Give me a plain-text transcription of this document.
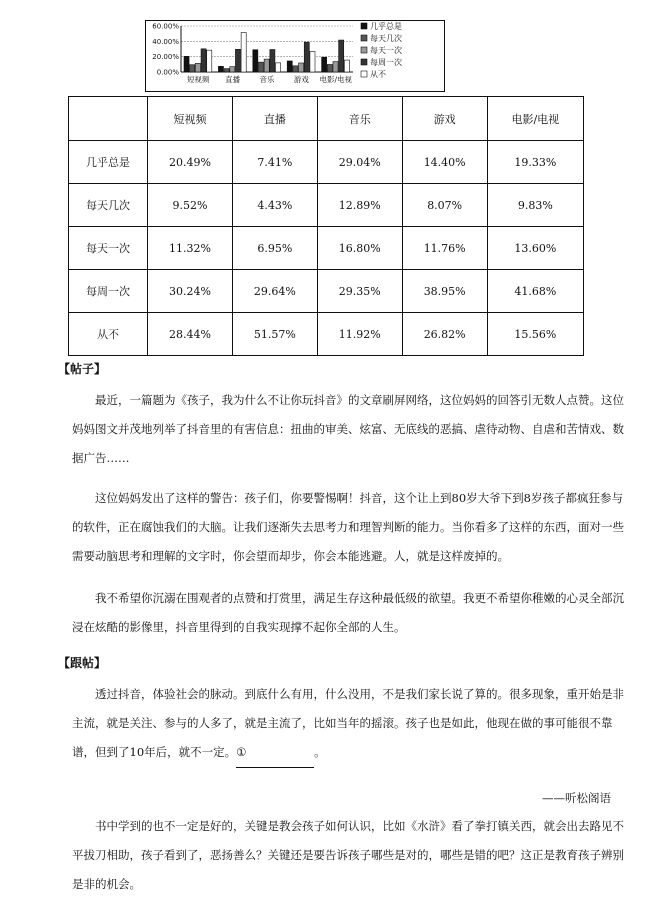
0.00%
20.00%
40.00%
60.00%
短视频 直播	音乐	游戏 电影/电视
几乎总是
每天几次
每天一次
每周一次
从不
	短视频	直播	音乐	游戏	电影/电视
几乎总是	20.49%	7.41%	29.04%	14.40%	19.33%
每天几次	9.52%	4.43%	12.89%	8.07%	9.83%
每天一次	11.32%	6.95%	16.80%	11.76%	13.60%
每周一次	30.24%	29.64%	29.35%	38.95%	41.68%
从不	28.44%	51.57%	11.92%	26.82%	15.56%
【帖子】

最近，一篇题为《孩子，我为什么不让你玩抖音》的文章刷屏网络，这位妈妈的回答引无数人点赞。这位妈妈图文并茂地列举了抖音里的有害信息：扭曲的审美、炫富、无底线的恶搞、虐待动物、自虐和苦情戏、数据广告……

这位妈妈发出了这样的警告：孩子们，你要警惕啊！抖音，这个让上到80岁大爷下到8岁孩子都疯狂参与的软件，正在腐蚀我们的大脑。让我们逐渐失去思考力和理智判断的能力。当你看多了这样的东西，面对一些需要动脑思考和理解的文字时，你会望而却步，你会本能逃避。人，就是这样废掉的。

我不希望你沉溺在围观者的点赞和打赏里，满足生存这种最低级的欲望。我更不希望你稚嫩的心灵全部沉浸在炫酷的影像里，抖音里得到的自我实现撑不起你全部的人生。

【跟帖】

透过抖音，体验社会的脉动。到底什么有用，什么没用，不是我们家长说了算的。很多现象，重开始是非主流，就是关注、参与的人多了，就是主流了，比如当年的摇滚。孩子也是如此，他现在做的事可能很不靠谱，但到了10年后，就不一定。①	。

——听松阁语

书中学到的也不一定是好的，关键是教会孩子如何认识，比如《水浒》看了拳打镇关西，就会出去路见不平拔刀相助，孩子看到了，恶扬善么？关键还是要告诉孩子哪些是对的，哪些是错的吧？这正是教育孩子辨别是非的机会。
